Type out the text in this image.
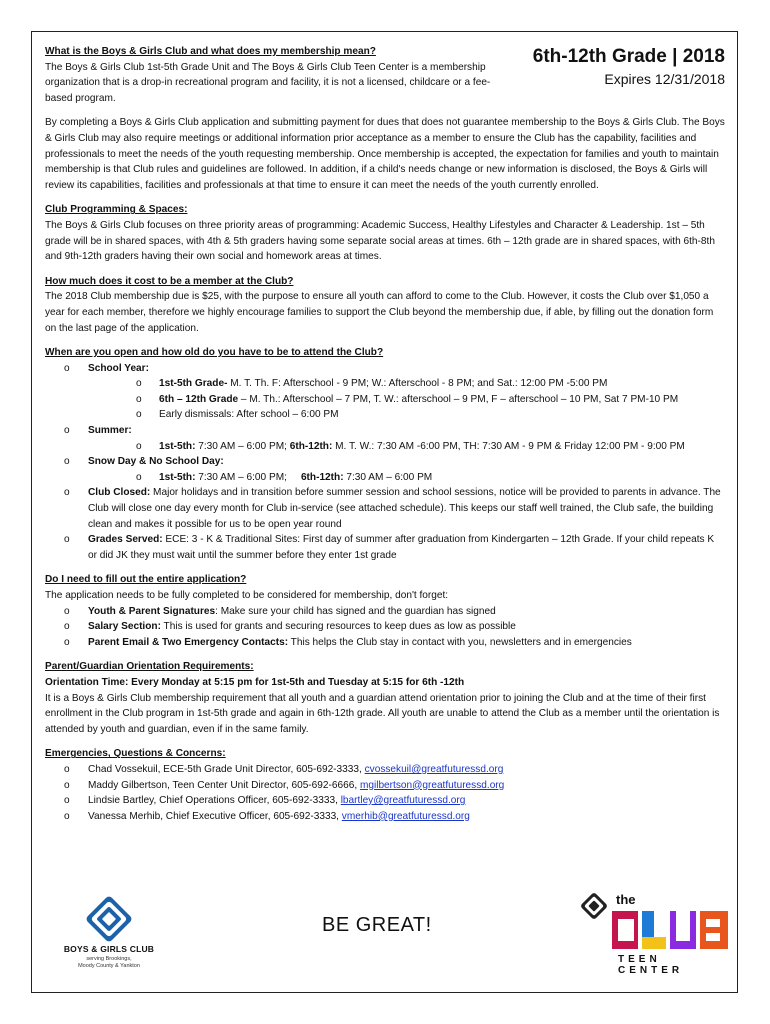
6th-12th Grade | 2018
Expires 12/31/2018

What is the Boys & Girls Club and what does my membership mean?

The Boys & Girls Club 1st-5th Grade Unit and The Boys & Girls Club Teen Center is a membership organization that is a drop-in recreational program and facility, it is not a licensed, childcare or a fee-based program.

By completing a Boys & Girls Club application and submitting payment for dues that does not guarantee membership to the Boys & Girls Club. The Boys & Girls Club may also require meetings or additional information prior acceptance as a member to ensure the Club has the capability, facilities and professionals to meet the needs of the youth requesting membership. Once membership is accepted, the expectation for families and youth to maintain membership is that Club rules and guidelines are followed. In addition, if a child's needs change or new information is disclosed, the Boys & Girls will review its capabilities, facilities and professionals at that time to ensure it can meet the needs of the youth currently enrolled.

Club Programming & Spaces:

The Boys & Girls Club focuses on three priority areas of programming: Academic Success, Healthy Lifestyles and Character & Leadership. 1st – 5th grade will be in shared spaces, with 4th & 5th graders having some separate social areas at times. 6th – 12th grade are in shared spaces, with 6th-8th and 9th-12th graders having their own social and homework areas at times.

How much does it cost to be a member at the Club?

The 2018 Club membership due is $25, with the purpose to ensure all youth can afford to come to the Club. However, it costs the Club over $1,050 a year for each member, therefore we highly encourage families to support the Club beyond the membership due, if able, by filling out the donation form on the last page of the application.

When are you open and how old do you have to be to attend the Club?

o School Year:
o 1st-5th Grade- M. T. Th. F: Afterschool - 9 PM; W.: Afterschool - 8 PM; and Sat.: 12:00 PM -5:00 PM
o 6th – 12th Grade – M. Th.: Afterschool – 7 PM, T. W.: afterschool – 9 PM, F – afterschool – 10 PM, Sat 7 PM-10 PM
o Early dismissals: After school – 6:00 PM
o Summer:
o 1st-5th: 7:30 AM – 6:00 PM; 6th-12th: M. T. W.: 7:30 AM -6:00 PM, TH: 7:30 AM - 9 PM & Friday 12:00 PM - 9:00 PM
o Snow Day & No School Day:
o 1st-5th: 7:30 AM – 6:00 PM;     6th-12th: 7:30 AM – 6:00 PM
o Club Closed: Major holidays and in transition before summer session and school sessions, notice will be provided to parents in advance. The Club will close one day every month for Club in-service (see attached schedule). This keeps our staff well trained, the Club safe, the building clean and makes it possible for us to be open year round
o Grades Served: ECE: 3 - K & Traditional Sites: First day of summer after graduation from Kindergarten – 12th Grade. If your child repeats K or did JK they must wait until the summer before they enter 1st grade

Do I need to fill out the entire application?

The application needs to be fully completed to be considered for membership, don't forget:

o Youth & Parent Signatures: Make sure your child has signed and the guardian has signed
o Salary Section: This is used for grants and securing resources to keep dues as low as possible
o Parent Email & Two Emergency Contacts: This helps the Club stay in contact with you, newsletters and in emergencies

Parent/Guardian Orientation Requirements:

Orientation Time: Every Monday at 5:15 pm for 1st-5th and Tuesday at 5:15 for 6th -12th

It is a Boys & Girls Club membership requirement that all youth and a guardian attend orientation prior to joining the Club and at the time of their first enrollment in the Club program in 1st-5th grade and again in 6th-12th grade. All youth are unable to attend the Club as a member until the orientation is attended by youth and guardian, even if in the same family.

Emergencies, Questions & Concerns:

o Chad Vossekuil, ECE-5th Grade Unit Director, 605-692-3333, cvossekuil@greatfuturessd.org
o Maddy Gilbertson, Teen Center Unit Director, 605-692-6666, mgilbertson@greatfuturessd.org
o Lindsie Bartley, Chief Operations Officer, 605-692-3333, lbartley@greatfuturessd.org
o Vanessa Merhib, Chief Executive Officer, 605-692-3333, vmerhib@greatfuturessd.org
BOYS & GIRLS CLUB
serving Brookings,
Moody County & Yankton
BE GREAT!
the
TEEN CENTER
